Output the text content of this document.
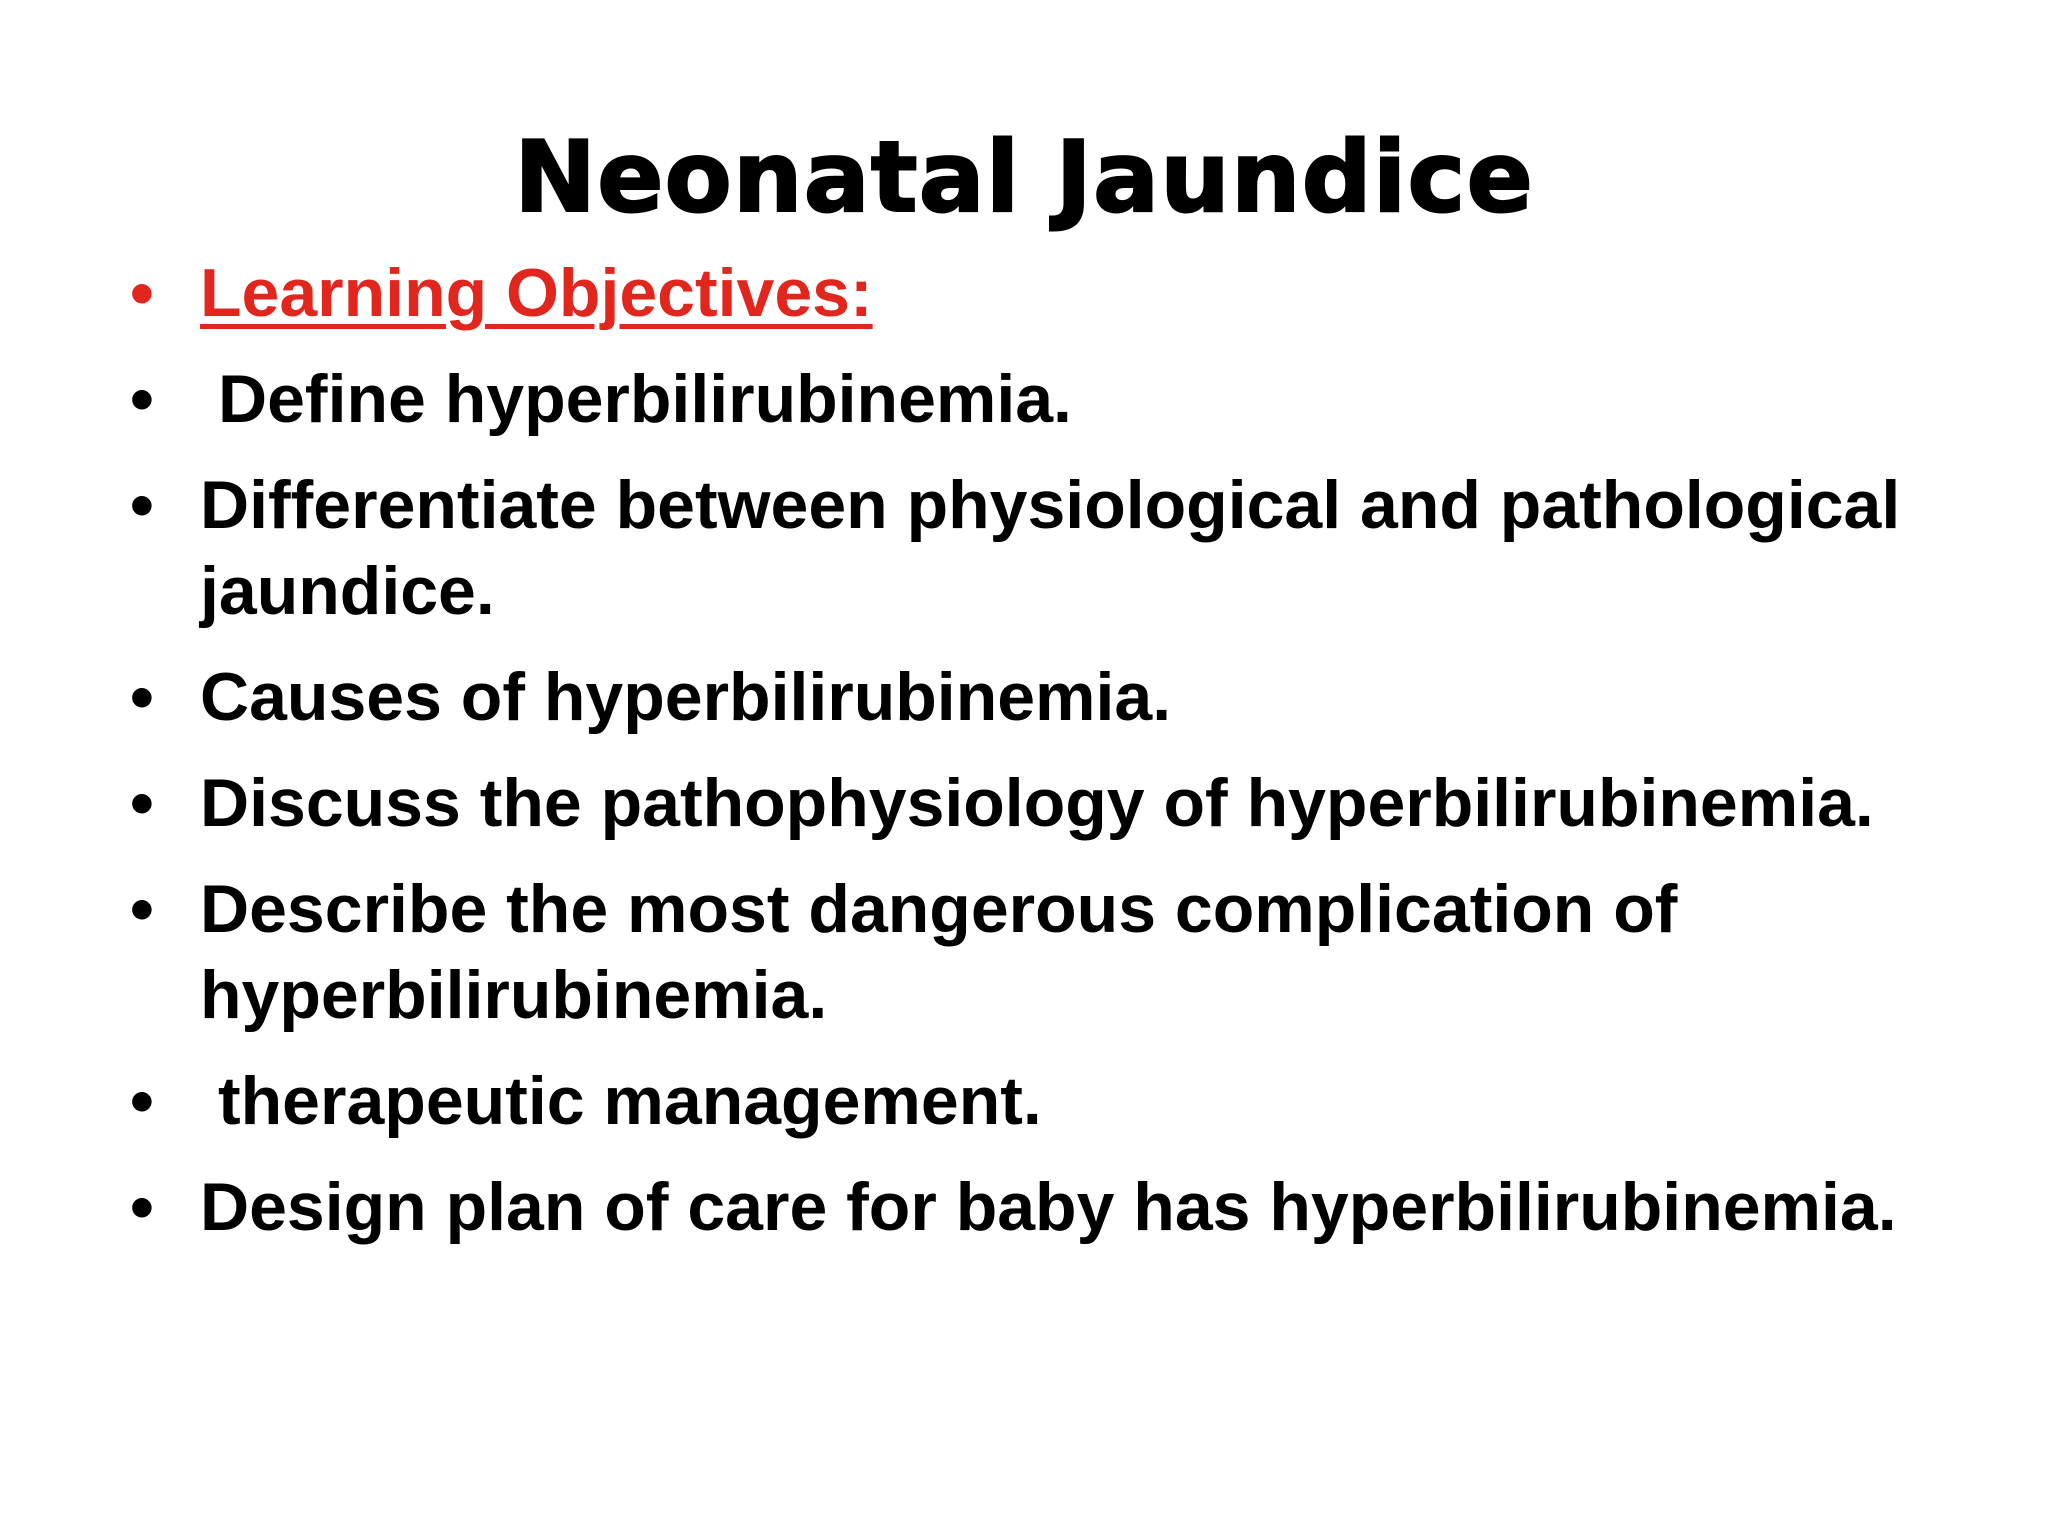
Neonatal Jaundice
• Learning Objectives:
• Define hyperbilirubinemia.
• Differentiate between physiological and pathological jaundice.
• Causes of hyperbilirubinemia.
• Discuss the pathophysiology of hyperbilirubinemia.
• Describe the most dangerous complication of hyperbilirubinemia.
• therapeutic management.
• Design plan of care for baby has hyperbilirubinemia.
